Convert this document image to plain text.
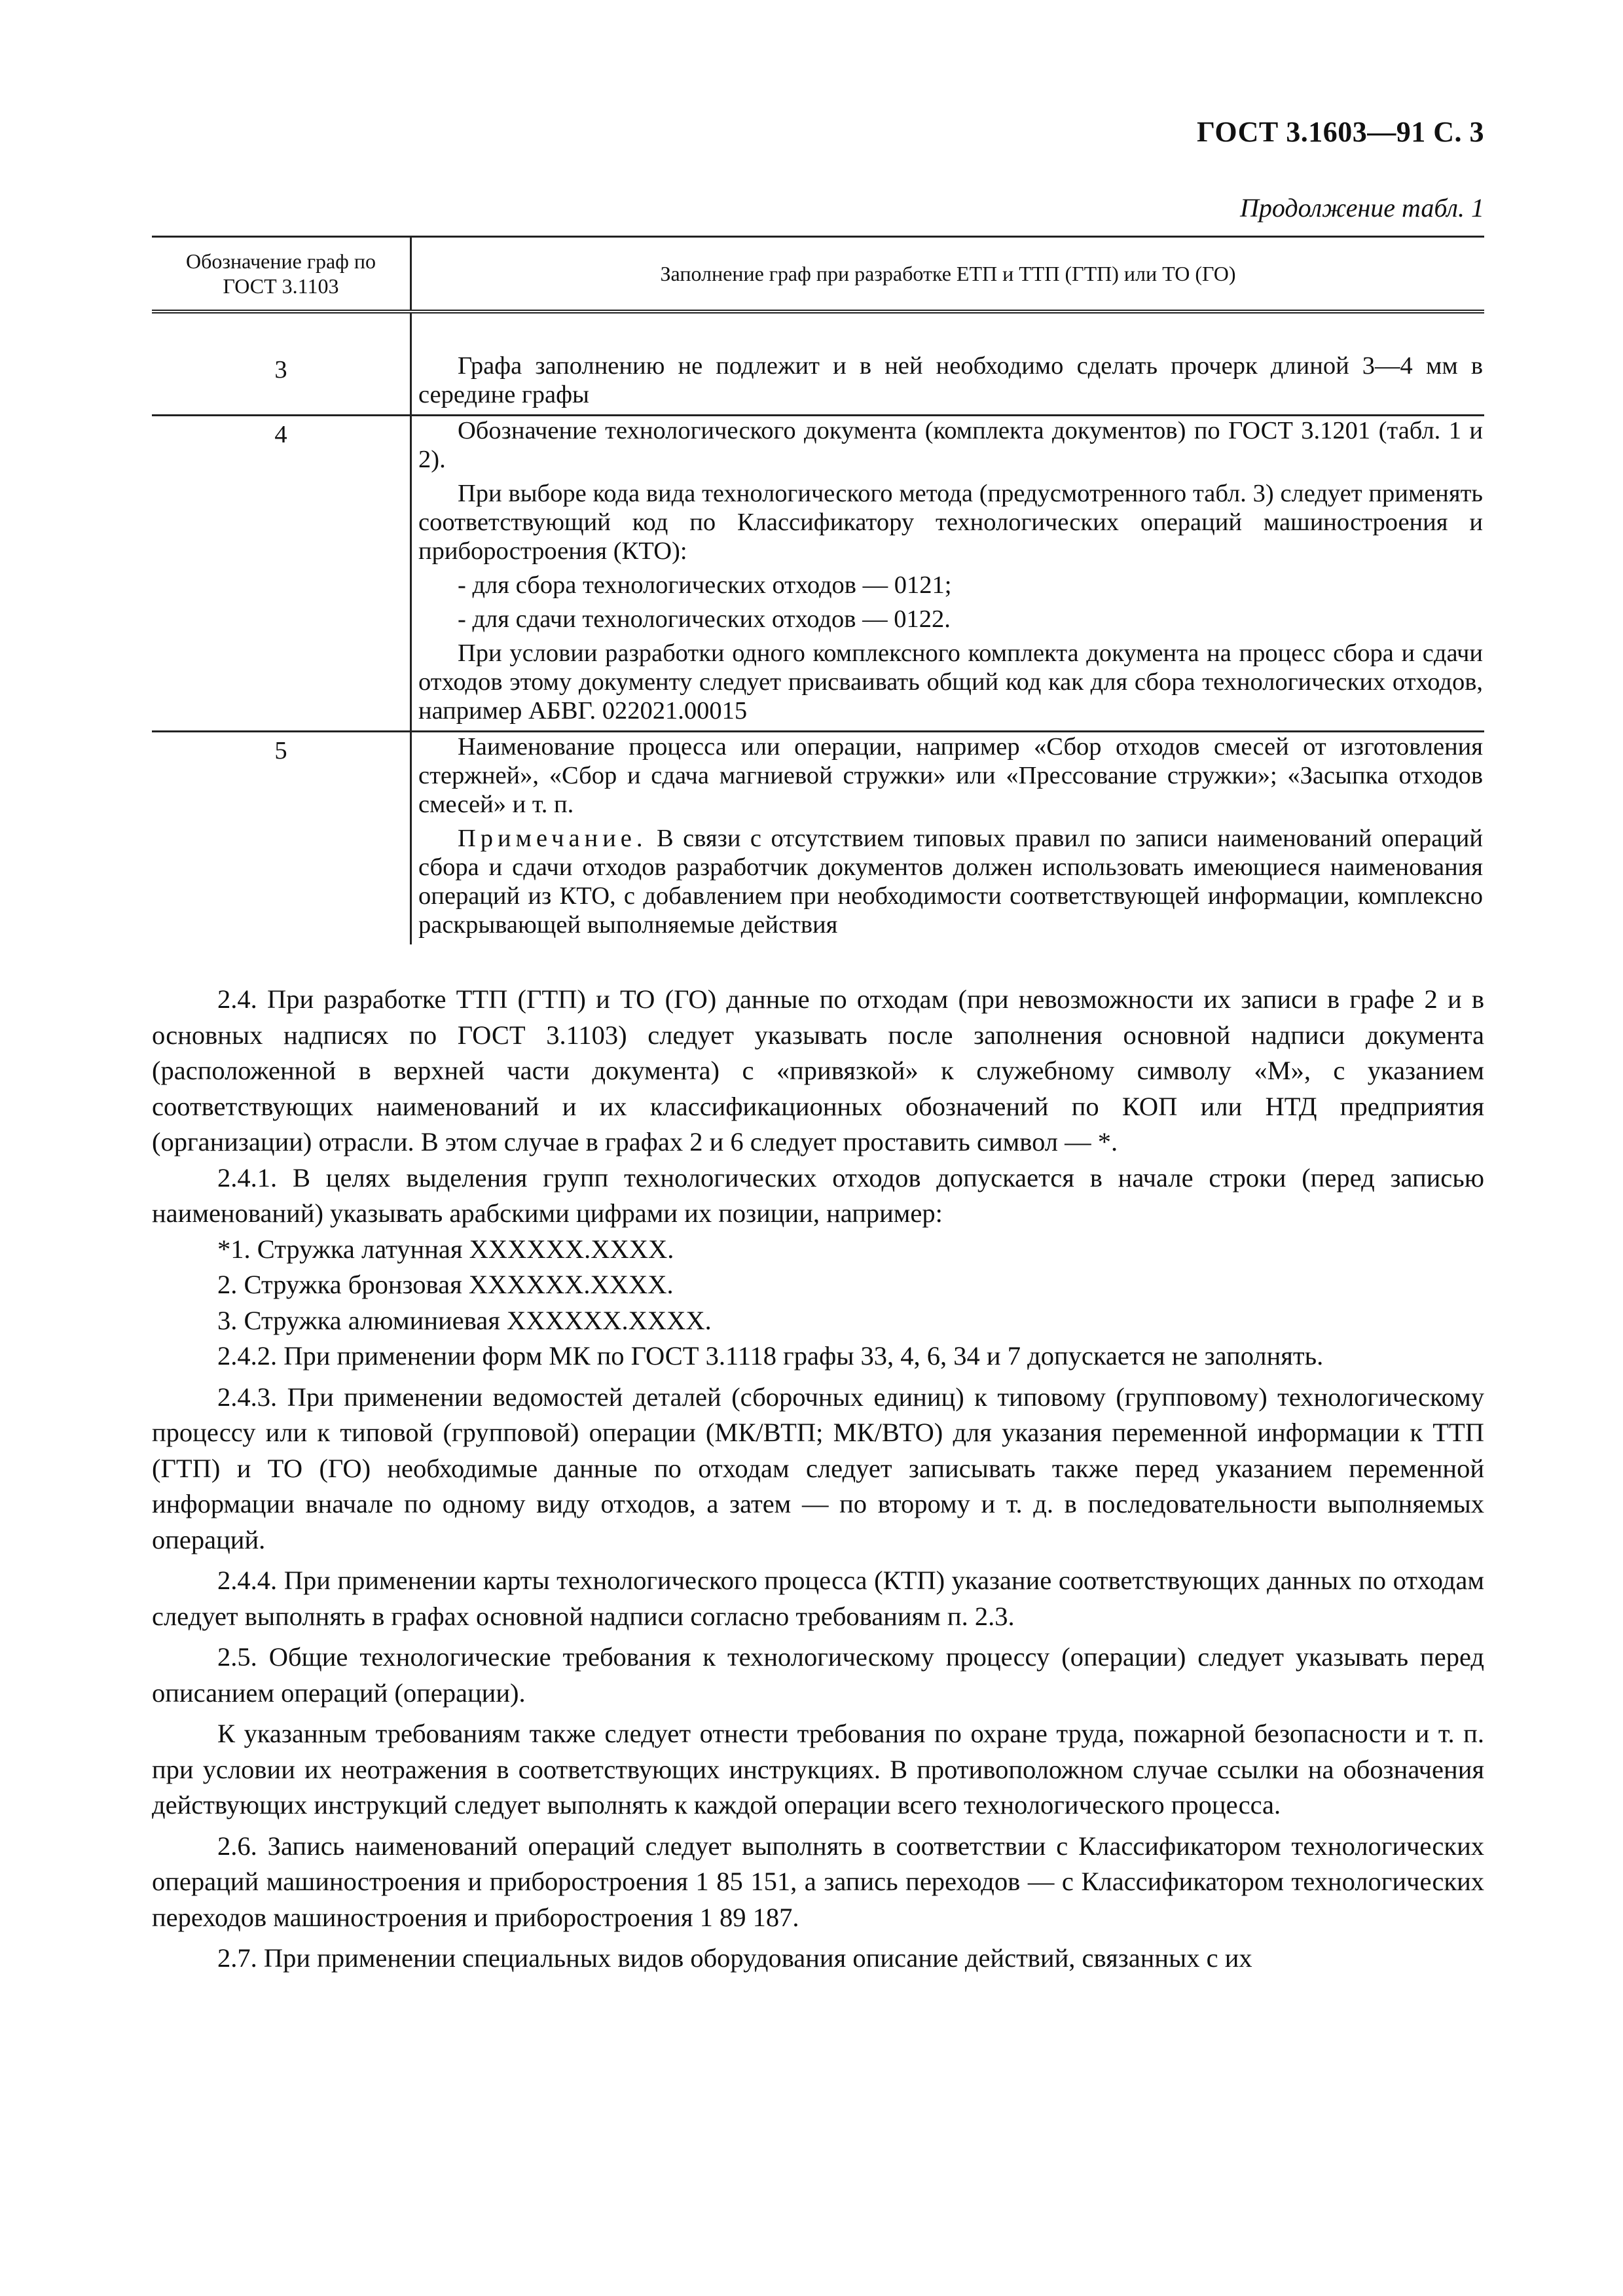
ГОСТ 3.1603—91 С. 3
Продолжение табл. 1
Обозначение граф по ГОСТ 3.1103	Заполнение граф при разработке ЕТП и ТТП (ГТП) или ТО (ГО)

3	Графа заполнению не подлежит и в ней необходимо сделать прочерк длиной 3—4 мм в середине графы

4	Обозначение технологического документа (комплекта документов) по ГОСТ 3.1201 (табл. 1 и 2).

При выборе кода вида технологического метода (предусмотренного табл. 3) следует применять соответствующий код по Классификатору технологических операций машиностроения и приборостроения (КТО):

- для сбора технологических отходов — 0121;

- для сдачи технологических отходов — 0122.

При условии разработки одного комплексного комплекта документа на процесс сбора и сдачи отходов этому документу следует присваивать общий код как для сбора технологических отходов, например АБВГ. 022021.00015

5	Наименование процесса или операции, например «Сбор отходов смесей от изготовления стержней», «Сбор и сдача магниевой стружки» или «Прессование стружки»; «Засыпка отходов смесей» и т. п.

Примечание. В связи с отсутствием типовых правил по записи наименований операций сбора и сдачи отходов разработчик документов должен использовать имеющиеся наименования операций из КТО, с добавлением при необходимости соответствующей информации, комплексно раскрывающей выполняемые действия

2.4. При разработке ТТП (ГТП) и ТО (ГО) данные по отходам (при невозможности их записи в графе 2 и в основных надписях по ГОСТ 3.1103) следует указывать после заполнения основной надписи документа (расположенной в верхней части документа) с «привязкой» к служебному символу «М», с указанием соответствующих наименований и их классификационных обозначений по КОП или НТД предприятия (организации) отрасли. В этом случае в графах 2 и 6 следует проставить символ — *.

2.4.1. В целях выделения групп технологических отходов допускается в начале строки (перед записью наименований) указывать арабскими цифрами их позиции, например:

*1. Стружка латунная ХХХХХХ.ХХХХ.

2. Стружка бронзовая ХХХХХХ.ХХХХ.

3. Стружка алюминиевая ХХХХХХ.ХХХХ.

2.4.2. При применении форм МК по ГОСТ 3.1118 графы 33, 4, 6, 34 и 7 допускается не заполнять.

2.4.3. При применении ведомостей деталей (сборочных единиц) к типовому (групповому) технологическому процессу или к типовой (групповой) операции (МК/ВТП; МК/ВТО) для указания переменной информации к ТТП (ГТП) и ТО (ГО) необходимые данные по отходам следует записывать также перед указанием переменной информации вначале по одному виду отходов, а затем — по второму и т. д. в последовательности выполняемых операций.

2.4.4. При применении карты технологического процесса (КТП) указание соответствующих данных по отходам следует выполнять в графах основной надписи согласно требованиям п. 2.3.

2.5. Общие технологические требования к технологическому процессу (операции) следует указывать перед описанием операций (операции).

К указанным требованиям также следует отнести требования по охране труда, пожарной безопасности и т. п. при условии их неотражения в соответствующих инструкциях. В противоположном случае ссылки на обозначения действующих инструкций следует выполнять к каждой операции всего технологического процесса.

2.6. Запись наименований операций следует выполнять в соответствии с Классификатором технологических операций машиностроения и приборостроения 1 85 151, а запись переходов — с Классификатором технологических переходов машиностроения и приборостроения 1 89 187.

2.7. При применении специальных видов оборудования описание действий, связанных с их
